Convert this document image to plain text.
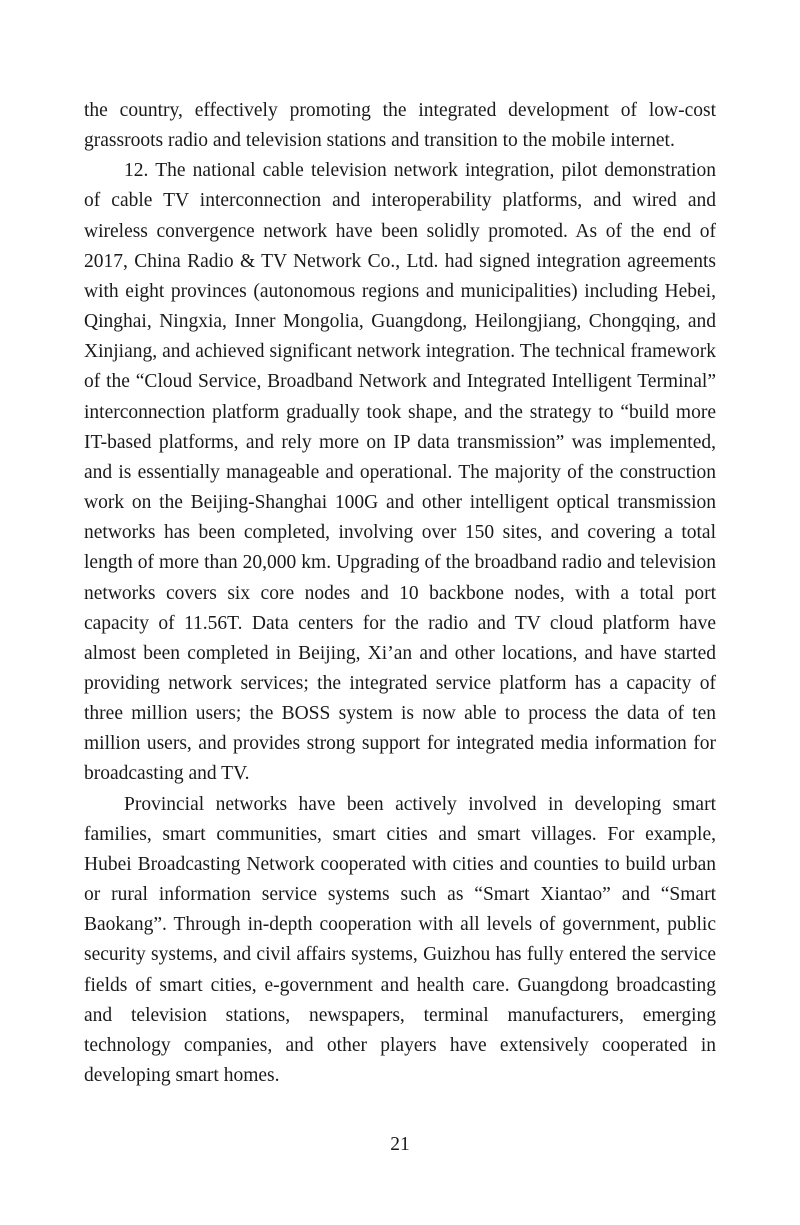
the country, effectively promoting the integrated development of low-cost grassroots radio and television stations and transition to the mobile internet.

12. The national cable television network integration, pilot demonstration of cable TV interconnection and interoperability platforms, and wired and wireless convergence network have been solidly promoted. As of the end of 2017, China Radio & TV Network Co., Ltd. had signed integration agreements with eight provinces (autonomous regions and municipalities) including Hebei, Qinghai, Ningxia, Inner Mongolia, Guangdong, Heilongjiang, Chongqing, and Xinjiang, and achieved significant network integration. The technical framework of the “Cloud Service, Broadband Network and Integrated Intelligent Terminal” interconnection platform gradually took shape, and the strategy to “build more IT-based platforms, and rely more on IP data transmission” was implemented, and is essentially manageable and operational. The majority of the construction work on the Beijing-Shanghai 100G and other intelligent optical transmission networks has been completed, involving over 150 sites, and covering a total length of more than 20,000 km. Upgrading of the broadband radio and television networks covers six core nodes and 10 backbone nodes, with a total port capacity of 11.56T. Data centers for the radio and TV cloud platform have almost been completed in Beijing, Xi’an and other locations, and have started providing network services; the integrated service platform has a capacity of three million users; the BOSS system is now able to process the data of ten million users, and provides strong support for integrated media information for broadcasting and TV.

Provincial networks have been actively involved in developing smart families, smart communities, smart cities and smart villages. For example, Hubei Broadcasting Network cooperated with cities and counties to build urban or rural information service systems such as “Smart Xiantao” and “Smart Baokang”. Through in-depth cooperation with all levels of government, public security systems, and civil affairs systems, Guizhou has fully entered the service fields of smart cities, e-government and health care. Guangdong broadcasting and television stations, newspapers, terminal manufacturers, emerging technology companies, and other players have extensively cooperated in developing smart homes.

21
